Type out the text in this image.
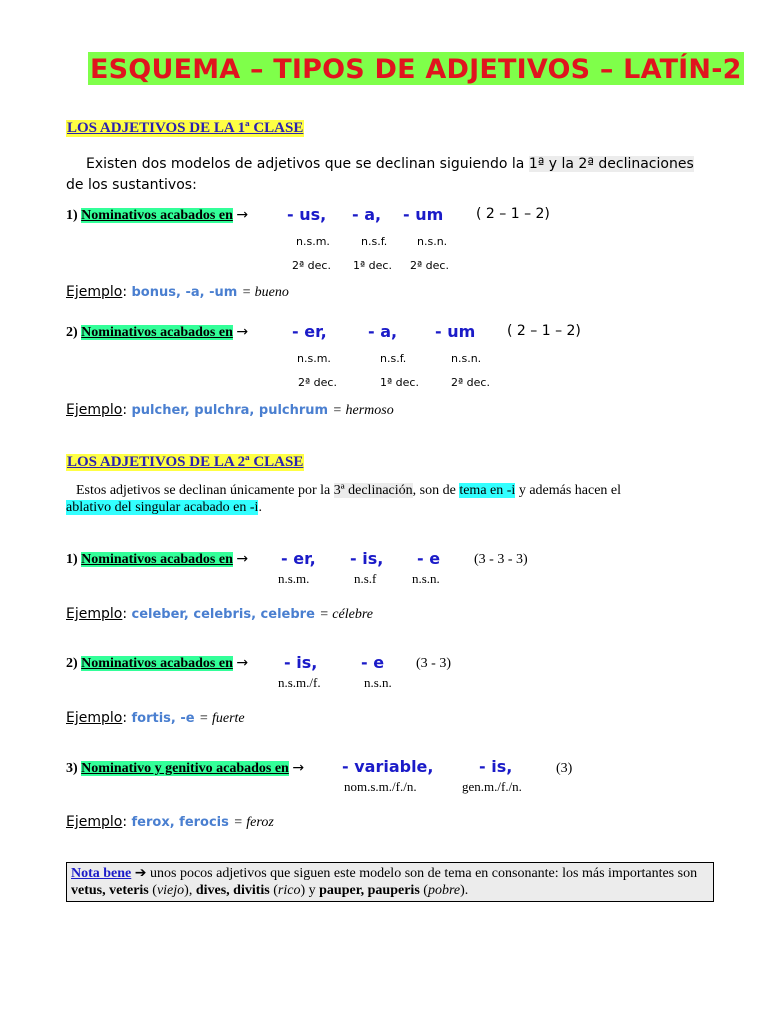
ESQUEMA – TIPOS DE ADJETIVOS – LATÍN-2
LOS ADJETIVOS DE LA 1ª CLASE
Existen dos modelos de adjetivos que se declinan siguiendo la 1ª y la 2ª declinaciones
de los sustantivos:
1) Nominativos acabados en → - us, - a, - um ( 2 – 1 – 2)
n.s.m.	n.s.f.	n.s.n.
2ª dec. 1ª dec. 2ª dec.
Ejemplo: bonus, -a, -um = bueno
2) Nominativos acabados en →	- er,	- a, - um ( 2 – 1 – 2)
n.s.m.	n.s.f.	n.s.n.
2ª dec.	1ª dec.	2ª dec.
Ejemplo: pulcher, pulchra, pulchrum = hermoso
LOS ADJETIVOS DE LA 2ª CLASE
Estos adjetivos se declinan únicamente por la 3ª declinación, son de tema en -i y además hacen el
ablativo del singular acabado en -i.
1) Nominativos acabados en → - er, - is, - e (3 - 3 - 3)
n.s.m.	n.s.f	n.s.n.
Ejemplo: celeber, celebris, celebre = célebre
2) Nominativos acabados en → - is,	- e (3 - 3)
n.s.m./f.	n.s.n.
Ejemplo: fortis, -e = fuerte
3) Nominativo y genitivo acabados en → - variable,	- is,	(3)
nom.s.m./f./n.	gen.m./f./n.
Ejemplo: ferox, ferocis = feroz
Nota bene ➔ unos pocos adjetivos que siguen este modelo son de tema en consonante: los más importantes son vetus, veteris (viejo), dives, divitis (rico) y pauper, pauperis (pobre).
